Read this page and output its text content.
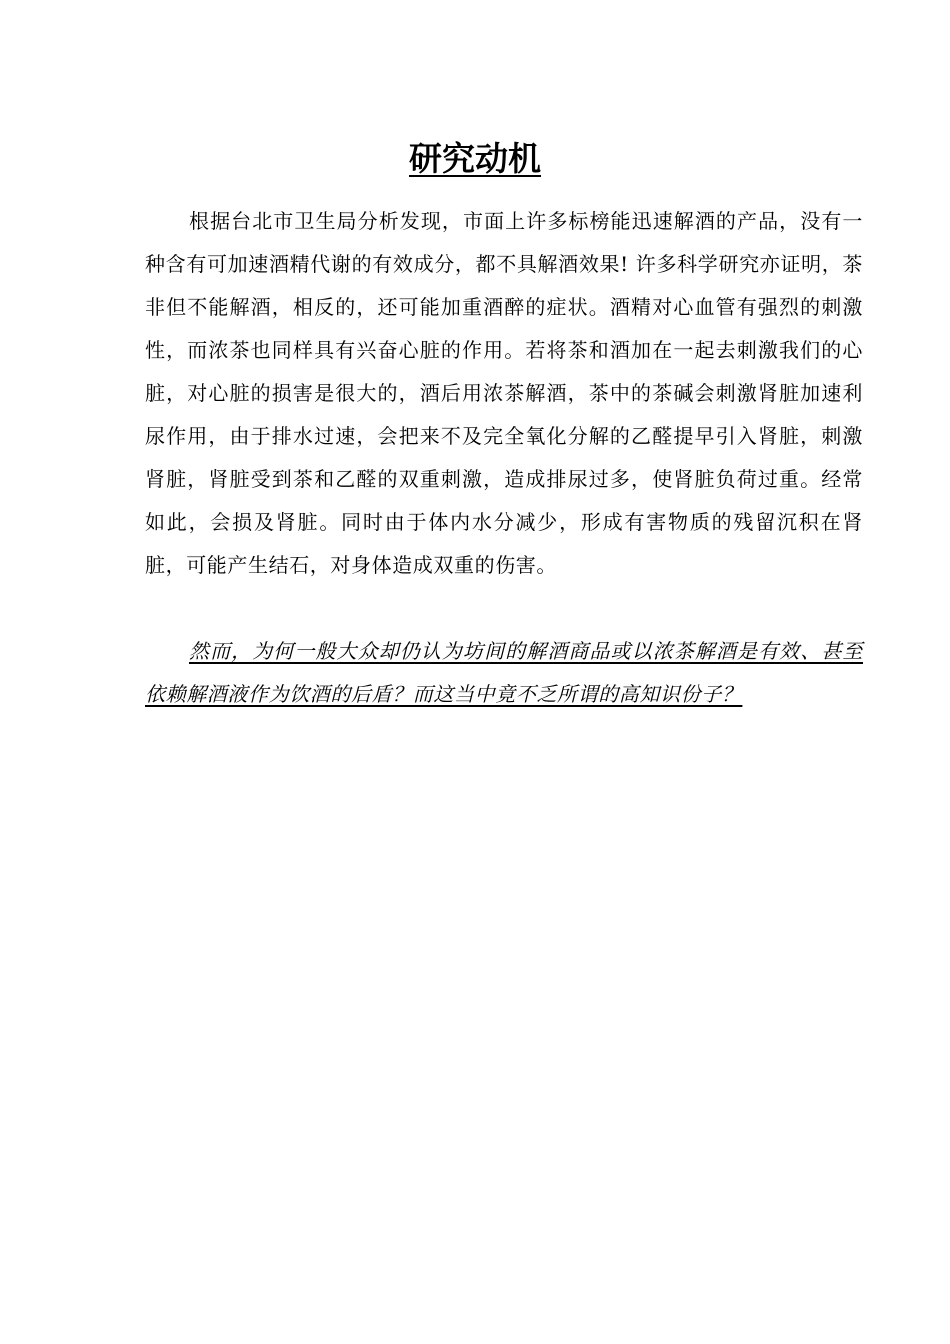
研究动机

根据台北市卫生局分析发现，市面上许多标榜能迅速解酒的产品，没有一种含有可加速酒精代谢的有效成分，都不具解酒效果! 许多科学研究亦证明，茶非但不能解酒，相反的，还可能加重酒醉的症状。酒精对心血管有强烈的刺激性，而浓茶也同样具有兴奋心脏的作用。若将茶和酒加在一起去刺激我们的心脏，对心脏的损害是很大的，酒后用浓茶解酒，茶中的茶碱会刺激肾脏加速利尿作用，由于排水过速，会把来不及完全氧化分解的乙醛提早引入肾脏，刺激肾脏，肾脏受到茶和乙醛的双重刺激，造成排尿过多，使肾脏负荷过重。经常如此，会损及肾脏。同时由于体内水分减少，形成有害物质的残留沉积在肾脏，可能产生结石，对身体造成双重的伤害。

然而，为何一般大众却仍认为坊间的解酒商品或以浓茶解酒是有效、甚至依赖解酒液作为饮酒的后盾？而这当中竟不乏所谓的高知识份子？
